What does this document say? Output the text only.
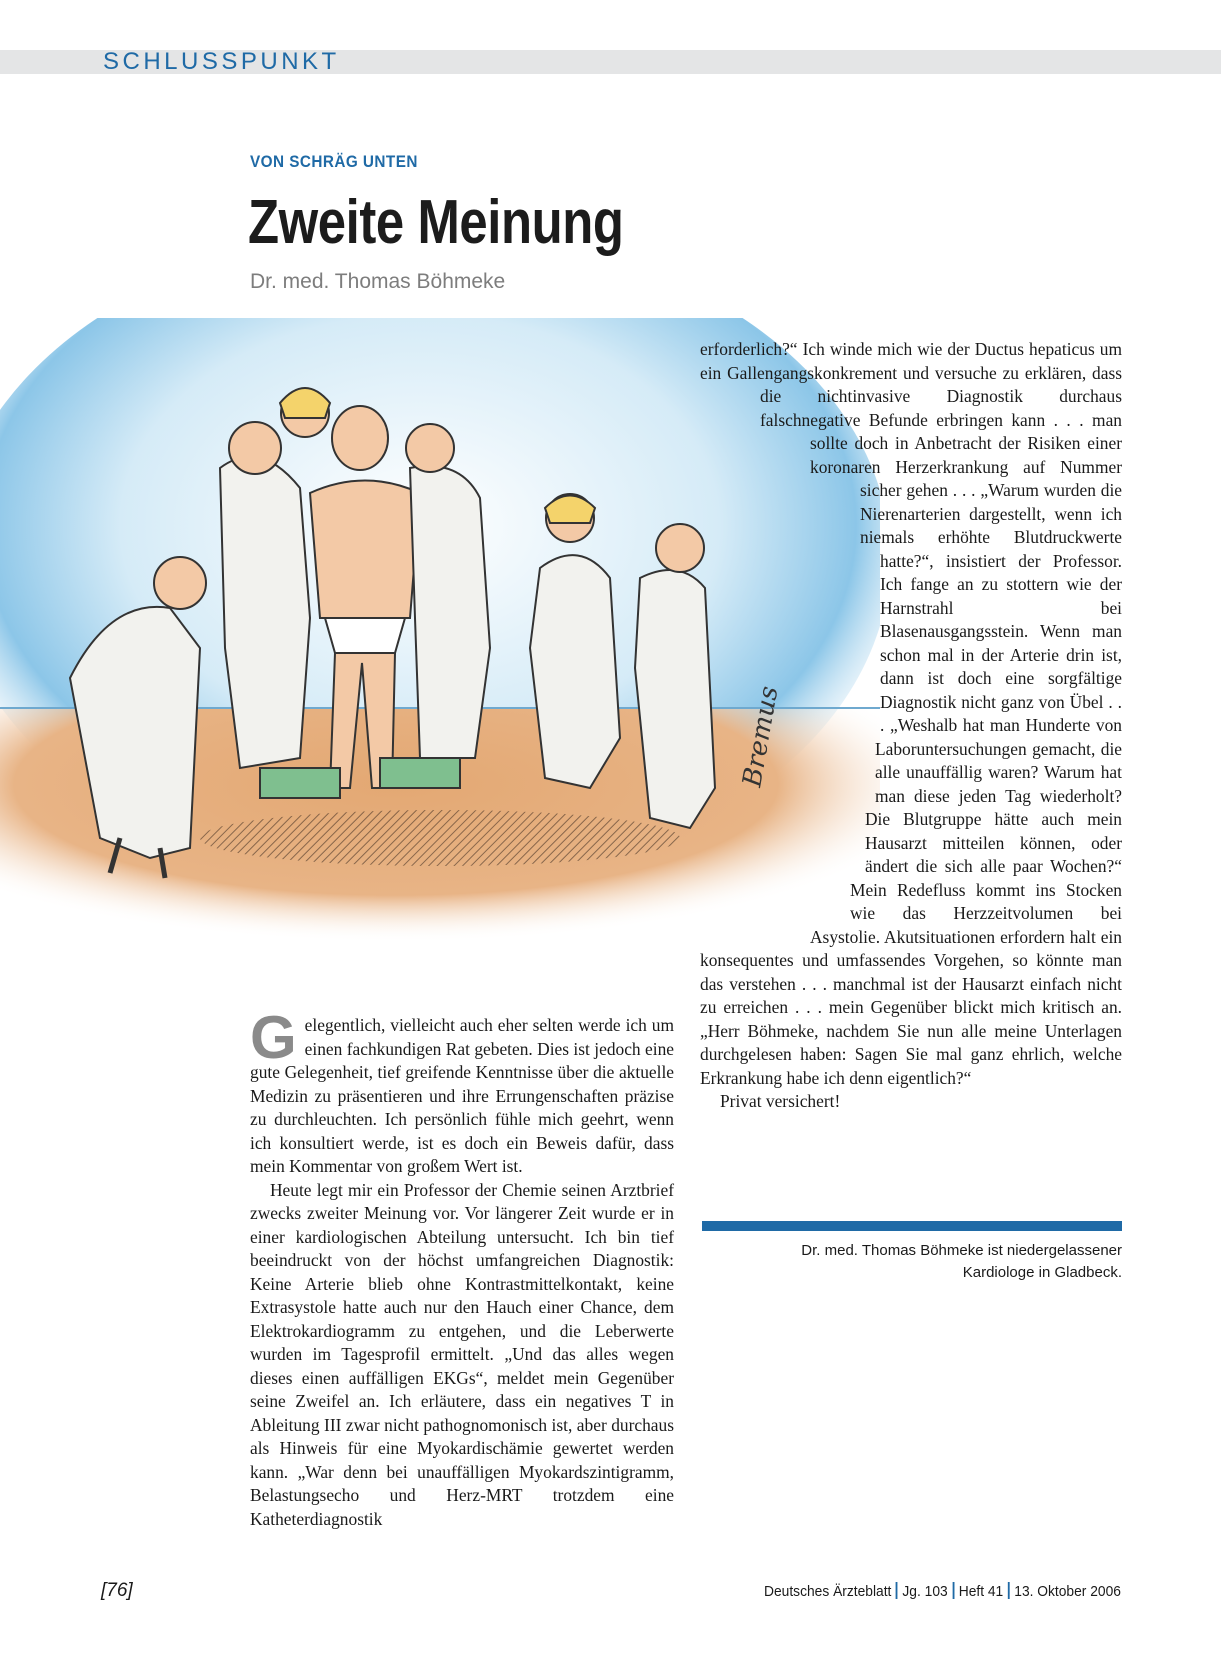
SCHLUSSPUNKT
VON SCHRÄG UNTEN
Zweite Meinung
Dr. med. Thomas Böhmeke
Bremus

Gelegentlich, vielleicht auch eher selten werde ich um einen fachkundigen Rat gebeten. Dies ist jedoch eine gute Gelegenheit, tief greifende Kenntnisse über die aktuelle Medizin zu präsentieren und ihre Errungenschaften präzise zu durchleuchten. Ich persönlich fühle mich geehrt, wenn ich konsultiert werde, ist es doch ein Beweis dafür, dass mein Kommentar von großem Wert ist.

Heute legt mir ein Professor der Chemie seinen Arztbrief zwecks zweiter Meinung vor. Vor längerer Zeit wurde er in einer kardiologischen Abteilung untersucht. Ich bin tief beeindruckt von der höchst umfangreichen Diagnostik: Keine Arterie blieb ohne Kontrastmittelkontakt, keine Extrasystole hatte auch nur den Hauch einer Chance, dem Elektrokardiogramm zu entgehen, und die Leberwerte wurden im Tagesprofil ermittelt. „Und das alles wegen dieses einen auffälligen EKGs“, meldet mein Gegenüber seine Zweifel an. Ich erläutere, dass ein negatives T in Ableitung III zwar nicht pathognomonisch ist, aber durchaus als Hinweis für eine Myokardischämie gewertet werden kann. „War denn bei unauffälligen Myokardszintigramm, Belastungsecho und Herz-MRT trotzdem eine Katheterdiagnostik

erforderlich?“ Ich winde mich wie der Ductus hepaticus um ein Gallengangskonkrement und versuche zu erklären, dass die nichtinvasive Diagnostik durchaus falschnegative Befunde erbringen kann . . . man sollte doch in Anbetracht der Risiken einer koronaren Herzerkrankung auf Nummer sicher gehen . . . „Warum wurden die Nierenarterien dargestellt, wenn ich niemals erhöhte Blutdruckwerte hatte?“, insistiert der Professor. Ich fange an zu stottern wie der Harnstrahl bei Blasenausgangsstein. Wenn man schon mal in der Arterie drin ist, dann ist doch eine sorgfältige Diagnostik nicht ganz von Übel . . . „Weshalb hat man Hunderte von Laboruntersuchungen gemacht, die alle unauffällig waren? Warum hat man diese jeden Tag wiederholt? Die Blutgruppe hätte auch mein Hausarzt mitteilen können, oder ändert die sich alle paar Wochen?“ Mein Redefluss kommt ins Stocken wie das Herzzeitvolumen bei Asystolie. Akutsituationen erfordern halt ein konsequentes und umfassendes Vorgehen, so könnte man das verstehen . . . manchmal ist der Hausarzt einfach nicht zu erreichen . . . mein Gegenüber blickt mich kritisch an. „Herr Böhmeke, nachdem Sie nun alle meine Unterlagen durchgelesen haben: Sagen Sie mal ganz ehrlich, welche Erkrankung habe ich denn eigentlich?“

Privat versichert!

Dr. med. Thomas Böhmeke ist niedergelassener
Kardiologe in Gladbeck.
[76]	Deutsches Ärzteblatt Jg. 103 Heft 41 13. Oktober 2006
